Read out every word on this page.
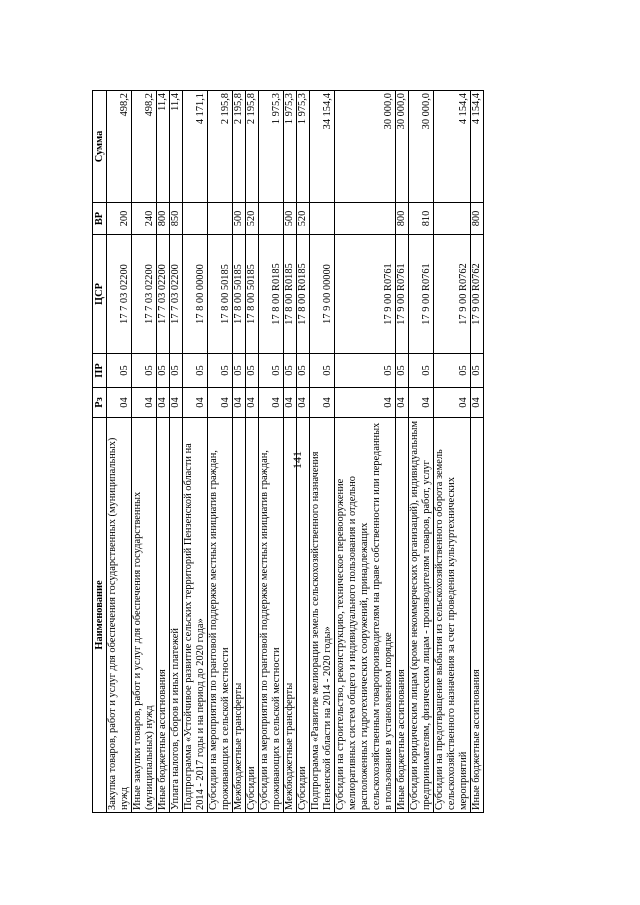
141
Наименование	Рз	ПР	ЦСР	ВР	Сумма
Закупка товаров, работ и услуг для обеспечения государственных (муниципальных) нужд	04	05	17 7 03 02200	200	498,2
Иные закупки товаров, работ и услуг для обеспечения государственных (муниципальных) нужд	04	05	17 7 03 02200	240	498,2
Иные бюджетные ассигнования	04	05	17 7 03 02200	800	11,4
Уплата налогов, сборов и иных платежей	04	05	17 7 03 02200	850	11,4
Подпрограмма «Устойчивое развитие сельских территорий Пензенской области на 2014 - 2017 годы и на период до 2020 года»	04	05	17 8 00 00000		4 171,1
Субсидии на мероприятия по грантовой поддержке местных инициатив граждан, проживающих в сельской местности	04	05	17 8 00 50185		2 195,8
Межбюджетные трансферты	04	05	17 8 00 50185	500	2 195,8
Субсидии	04	05	17 8 00 50185	520	2 195,8
Субсидии на мероприятия по грантовой поддержке местных инициатив граждан, проживающих в сельской местности	04	05	17 8 00 R0185		1 975,3
Межбюджетные трансферты	04	05	17 8 00 R0185	500	1 975,3
Субсидии	04	05	17 8 00 R0185	520	1 975,3
Подпрограмма «Развитие мелиорации земель сельскохозяйственного назначения Пензенской области на 2014 - 2020 годы»	04	05	17 9 00 00000		34 154,4
Субсидии на строительство, реконструкцию, техническое перевооружение мелиоративных систем общего и индивидуального пользования и отдельно расположенных гидротехнических сооружений, принадлежащих сельскохозяйственным товаропроизводителям на праве собственности или переданных в пользование в установленном порядке	04	05	17 9 00 R0761		30 000,0
Иные бюджетные ассигнования	04	05	17 9 00 R0761	800	30 000,0
Субсидии юридическим лицам (кроме некоммерческих организаций), индивидуальным предпринимателям, физическим лицам - производителям товаров, работ, услуг	04	05	17 9 00 R0761	810	30 000,0
Субсидии на предотвращение выбытия из сельскохозяйственного оборота земель сельскохозяйственного назначения за счет проведения культуртехнических мероприятий	04	05	17 9 00 R0762		4 154,4
Иные бюджетные ассигнования	04	05	17 9 00 R0762	800	4 154,4
